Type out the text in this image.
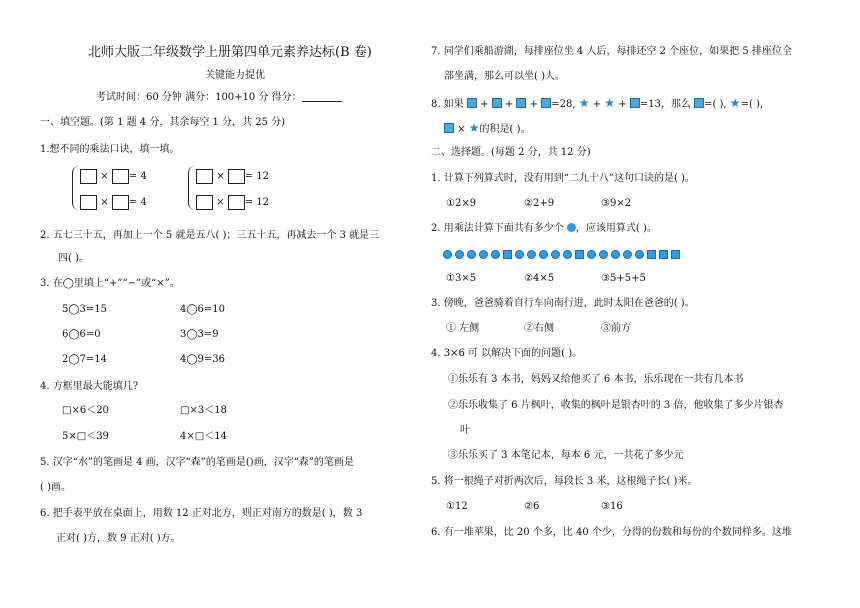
北师大版二年级数学上册第四单元素养达标(B 卷)
关键能力提优
考试时间：60 分钟 满分：100+10 分 得分：
一、填空题。(第 1 题 4 分，其余每空 1 分，共 25 分)
1.想不同的乘法口诀，填一填。
× = 4
× = 4
× = 12
× = 12
2. 五七三十五，再加上一个 5 就是五八( )；三五十五，再减去一个 3 就是三
四( )。
3. 在◯里填上“+”“−”或“×”。
5◯3=15	4◯6=10
6◯6=0	3◯3=9
2◯7=14	4◯9=36
4. 方框里最大能填几?
□×6＜20	□×3＜18
5×□＜39	4×□＜14
5. 汉字“水”的笔画是 4 画，汉字“森”的笔画是()画，汉字“森”的笔画是
( )画。
6. 把手表平放在桌面上，用数 12 正对北方，则正对南方的数是( )，数 3
正对( )方，数 9 正对( )方。
7. 同学们乘船游湖，每排座位坐 4 人后，每排还空 2 个座位，如果把 5 排座位全
部坐满，那么可以坐( )人。
8. 如果 + + + =28, ★ + ★ + =13，那么 =( ), ★=( ),
× ★的积是( )。
二、选择题。(每题 2 分，共 12 分)
1. 计算下列算式时，没有用到“二九十八”这句口诀的是( )。
①2×9	②2+9	③9×2
2. 用乘法计算下面共有多少个 ，应该用算式( )。
①3×5	②4×5	③5+5+5
3. 傍晚，爸爸骑着自行车向南行进，此时太阳在爸爸的( )。
① 左侧	②右侧	③前方
4. 3×6 可 以解决下面的问题( )。
①乐乐有 3 本书，妈妈又给他买了 6 本书，乐乐现在一共有几本书
②乐乐收集了 6 片枫叶，收集的枫叶是银杏叶的 3 倍，他收集了多少片银杏
叶
③乐乐买了 3 本笔记本，每本 6 元，一共花了多少元
5. 将一根绳子对折两次后，每段长 3 米，这根绳子长( )米。
①12	②6	③16
6. 有一堆苹果，比 20 个多，比 40 个少，分得的份数和每份的个数同样多。这堆
